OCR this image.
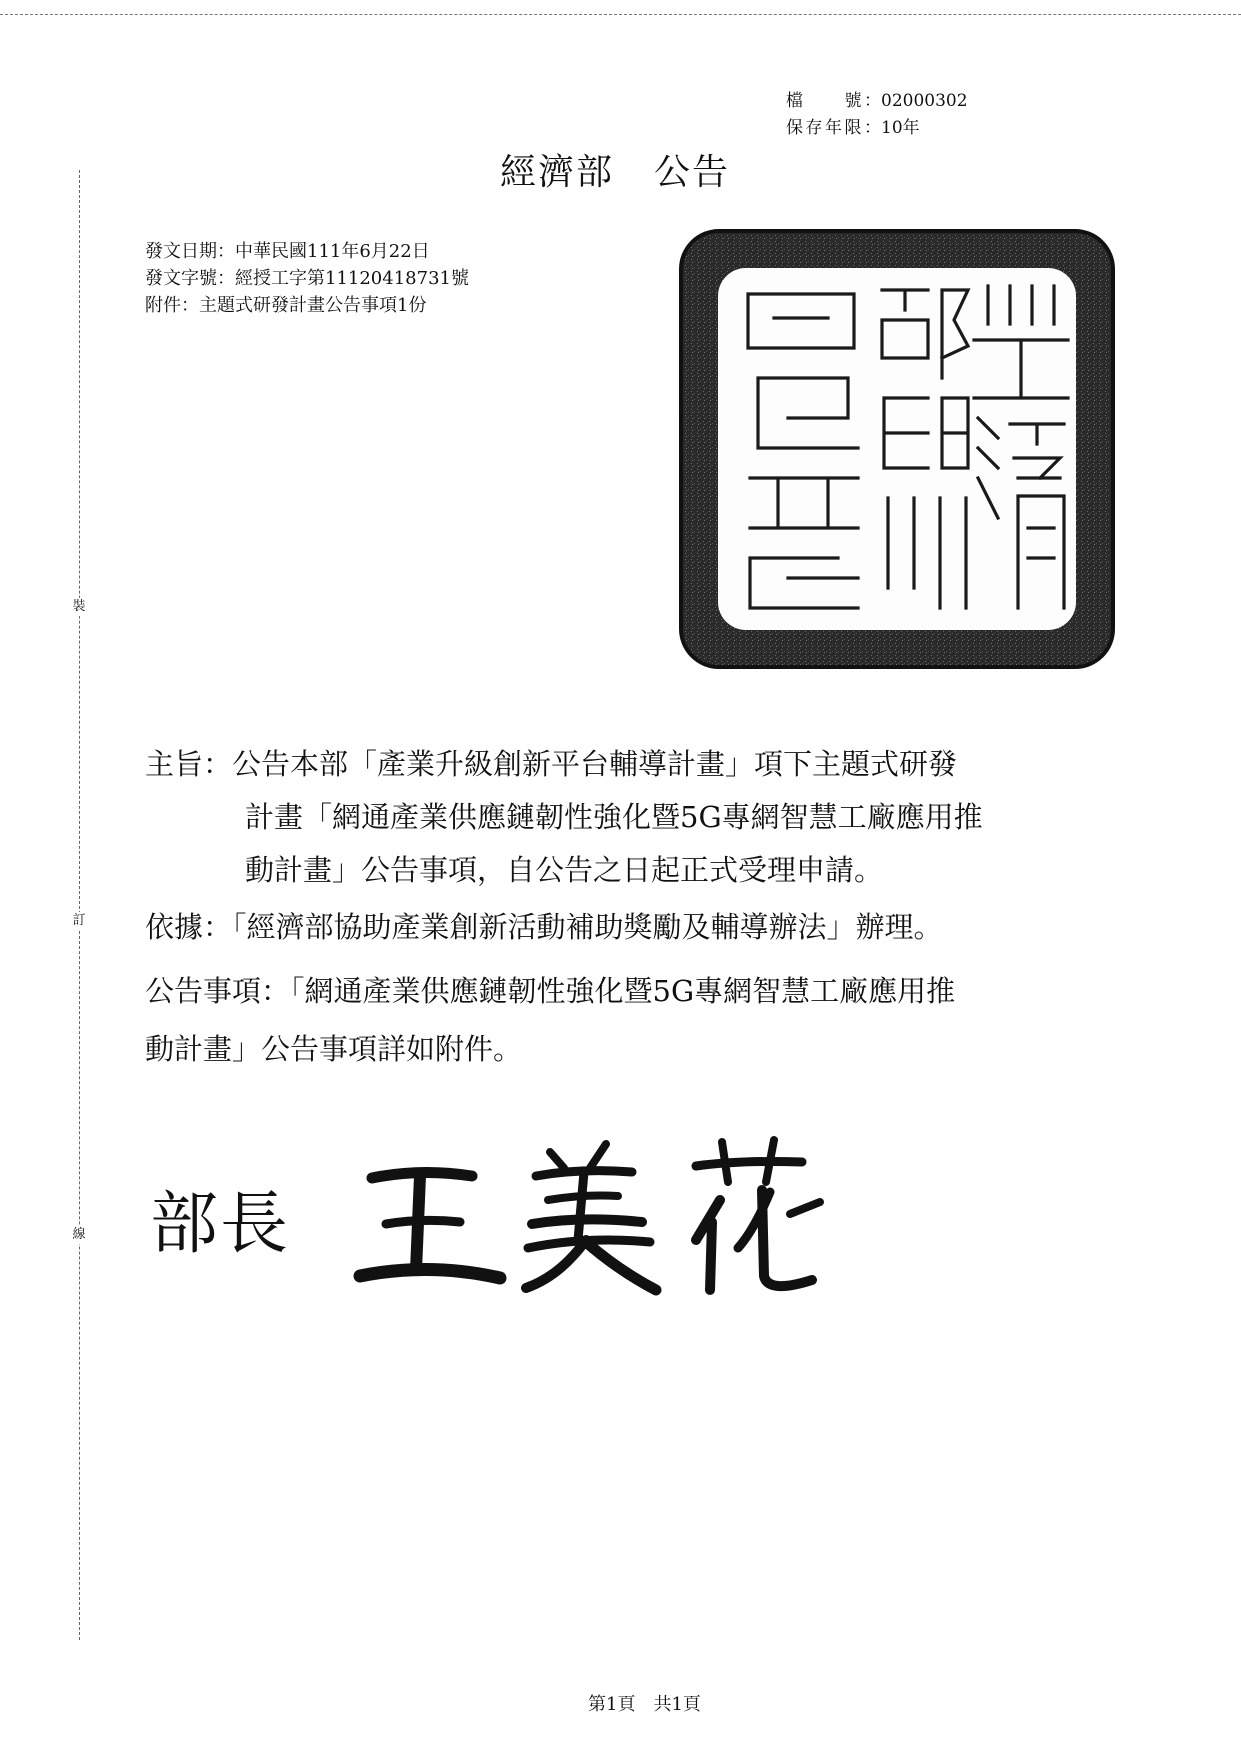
裝
訂
線
檔　　號：02000302
保存年限：10年
經濟部 公告
發文日期：中華民國111年6月22日
發文字號：經授工字第11120418731號
附件：主題式研發計畫公告事項1份

主旨：公告本部「產業升級創新平台輔導計畫」項下主題式研發

計畫「網通產業供應鏈韌性強化暨5G專網智慧工廠應用推

動計畫」公告事項，自公告之日起正式受理申請。

依據：「經濟部協助產業創新活動補助獎勵及輔導辦法」辦理。

公告事項：「網通產業供應鏈韌性強化暨5G專網智慧工廠應用推

動計畫」公告事項詳如附件。

部長
第1頁 共1頁
